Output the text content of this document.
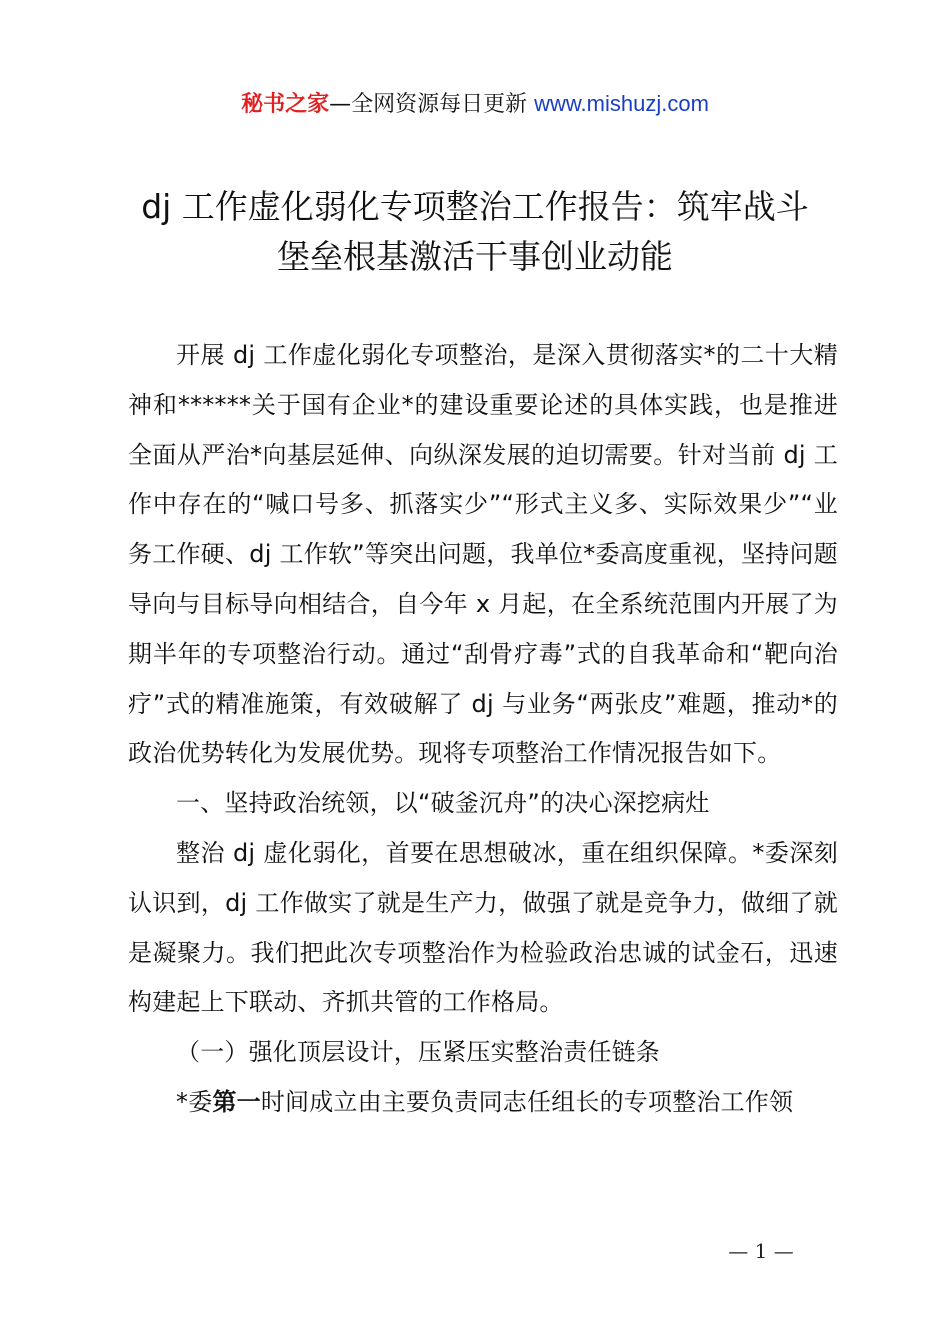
秘书之家—全网资源每日更新 www.mishuzj.com
dj 工作虚化弱化专项整治工作报告：筑牢战斗
堡垒根基激活干事创业动能

开展 dj 工作虚化弱化专项整治，是深入贯彻落实*的二十大精神和******关于国有企业*的建设重要论述的具体实践，也是推进全面从严治*向基层延伸、向纵深发展的迫切需要。针对当前 dj 工作中存在的“喊口号多、抓落实少”“形式主义多、实际效果少”“业务工作硬、dj 工作软”等突出问题，我单位*委高度重视，坚持问题导向与目标导向相结合，自今年 x 月起，在全系统范围内开展了为期半年的专项整治行动。通过“刮骨疗毒”式的自我革命和“靶向治疗”式的精准施策，有效破解了 dj 与业务“两张皮”难题，推动*的政治优势转化为发展优势。现将专项整治工作情况报告如下。

一、坚持政治统领，以“破釜沉舟”的决心深挖病灶

整治 dj 虚化弱化，首要在思想破冰，重在组织保障。*委深刻认识到，dj 工作做实了就是生产力，做强了就是竞争力，做细了就是凝聚力。我们把此次专项整治作为检验政治忠诚的试金石，迅速构建起上下联动、齐抓共管的工作格局。

（一）强化顶层设计，压紧压实整治责任链条

*委第一时间成立由主要负责同志任组长的专项整治工作领

— 1 —
